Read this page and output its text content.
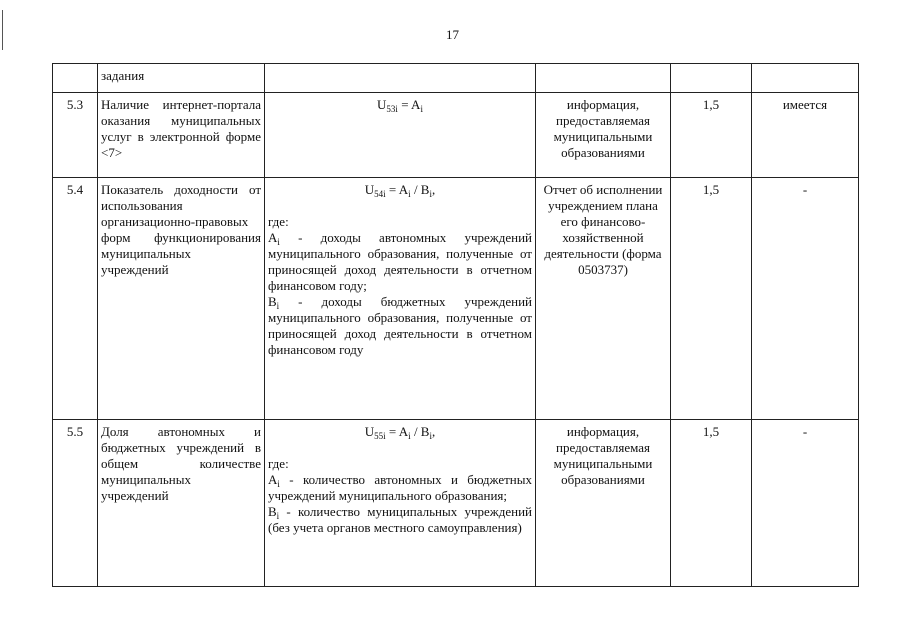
17
	задания				
5.3	Наличие интернет-портала оказания муниципальных услуг в электронной форме <7>	$U_{53i} = A_i$	информация, предоставляемая муниципальными образованиями	1,5	имеется
5.4	Показатель доходности от использования организационно-правовых форм функционирования муниципальных учреждений	$U_{54i} = A_i / B_i$,
где:
$A_i$ - доходы автономных учреждений муниципального образования, полученные от приносящей доход деятельности в отчетном финансовом году;
$B_i$ - доходы бюджетных учреждений муниципального образования, полученные от приносящей доход деятельности в отчетном финансовом году	Отчет об исполнении учреждением плана его финансово-хозяйственной деятельности (форма 0503737)	1,5	-
5.5	Доля автономных и бюджетных учреждений в общем количестве муниципальных учреждений	$U_{55i} = A_i / B_i$,
где:
$A_i$ - количество автономных и бюджетных учреждений муниципального образования;
$B_i$ - количество муниципальных учреждений (без учета органов местного самоуправления)	информация, предоставляемая муниципальными образованиями	1,5	-
